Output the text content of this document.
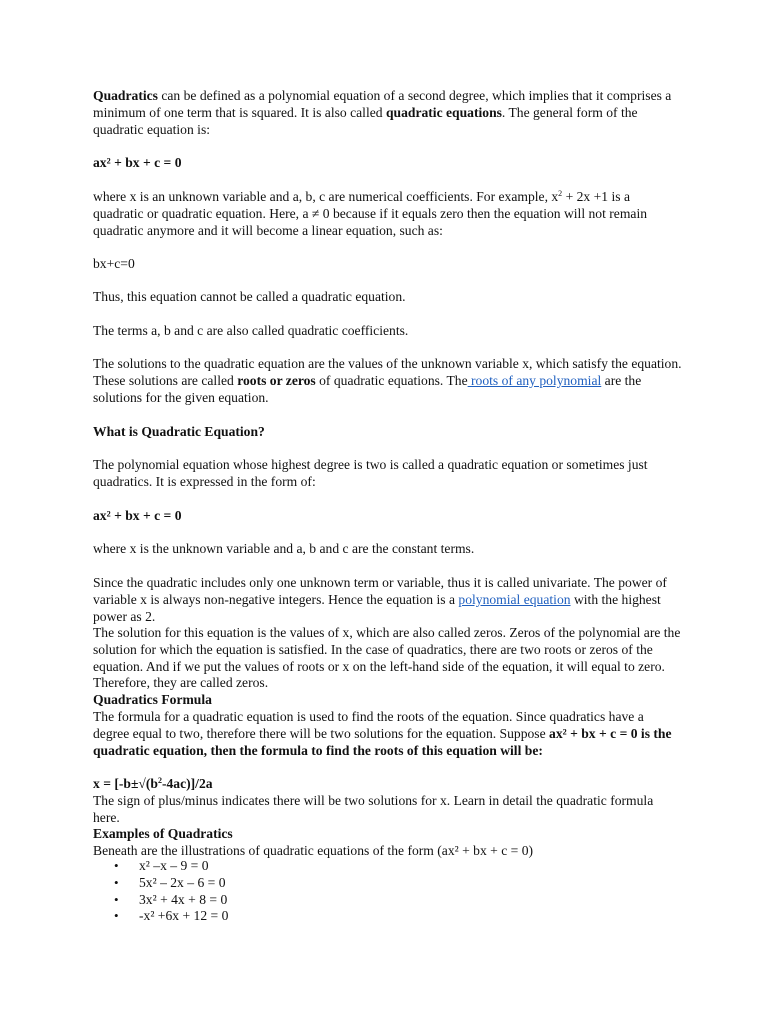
Quadratics can be defined as a polynomial equation of a second degree, which implies that it comprises a minimum of one term that is squared. It is also called quadratic equations. The general form of the quadratic equation is:

ax² + bx + c = 0

where x is an unknown variable and a, b, c are numerical coefficients. For example, $x^2 + 2x +1$ is a quadratic or quadratic equation. Here, a ≠ 0 because if it equals zero then the equation will not remain quadratic anymore and it will become a linear equation, such as:

bx+c=0

Thus, this equation cannot be called a quadratic equation.

The terms a, b and c are also called quadratic coefficients.

The solutions to the quadratic equation are the values of the unknown variable x, which satisfy the equation. These solutions are called roots or zeros of quadratic equations. The roots of any polynomial are the solutions for the given equation.

What is Quadratic Equation?

The polynomial equation whose highest degree is two is called a quadratic equation or sometimes just quadratics. It is expressed in the form of:

ax² + bx + c = 0

where x is the unknown variable and a, b and c are the constant terms.

Since the quadratic includes only one unknown term or variable, thus it is called univariate. The power of variable x is always non-negative integers. Hence the equation is a polynomial equation with the highest power as 2.

The solution for this equation is the values of x, which are also called zeros. Zeros of the polynomial are the solution for which the equation is satisfied. In the case of quadratics, there are two roots or zeros of the equation. And if we put the values of roots or x on the left-hand side of the equation, it will equal to zero. Therefore, they are called zeros.

Quadratics Formula

The formula for a quadratic equation is used to find the roots of the equation. Since quadratics have a degree equal to two, therefore there will be two solutions for the equation. Suppose ax² + bx + c = 0 is the quadratic equation, then the formula to find the roots of this equation will be:

$x = [-b\pm√(b^2-4ac)]/2a$

The sign of plus/minus indicates there will be two solutions for x. Learn in detail the quadratic formula here.

Examples of Quadratics

Beneath are the illustrations of quadratic equations of the form (ax² + bx + c = 0)

• x² –x – 9 = 0
• 5x² – 2x – 6 = 0
• 3x² + 4x + 8 = 0
• -x² +6x + 12 = 0
